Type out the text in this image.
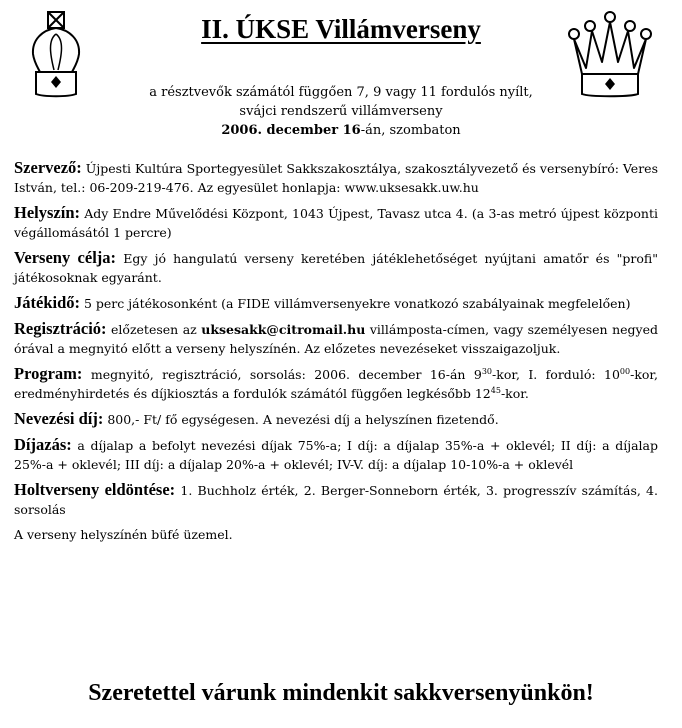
II. ÚKSE Villámverseny
a résztvevők számától függően 7, 9 vagy 11 fordulós nyílt,
svájci rendszerű villámverseny
2006. december 16-án, szombaton
Szervező: Újpesti Kultúra Sportegyesület Sakkszakosztálya, szakosztályvezető és versenybíró: Veres István, tel.: 06-209-219-476. Az egyesület honlapja: www.uksesakk.uw.hu
Helyszín: Ady Endre Művelődési Központ, 1043 Újpest, Tavasz utca 4. (a 3-as metró újpest központi végállomásától 1 percre)
Verseny célja: Egy jó hangulatú verseny keretében játéklehetőséget nyújtani amatőr és "profi" játékosoknak egyaránt.
Játékidő: 5 perc játékosonként (a FIDE villámversenyekre vonatkozó szabályainak megfelelően)
Regisztráció: előzetesen az uksesakk@citromail.hu villámposta-címen, vagy személyesen negyed órával a megnyitó előtt a verseny helyszínén. Az előzetes nevezéseket visszaigazoljuk.
Program: megnyitó, regisztráció, sorsolás: 2006. december 16-án $9^{30}$-kor, I. forduló: $10^{00}$-kor, eredményhirdetés és díjkiosztás a fordulók számától függően legkésőbb $12^{45}$-kor.
Nevezési díj: 800,- Ft/ fő egységesen. A nevezési díj a helyszínen fizetendő.
Díjazás: a díjalap a befolyt nevezési díjak 75%-a; I díj: a díjalap 35%-a + oklevél; II díj: a díjalap 25%-a + oklevél; III díj: a díjalap 20%-a + oklevél; IV-V. díj: a díjalap 10-10%-a + oklevél
Holtverseny eldöntése: 1. Buchholz érték, 2. Berger-Sonneborn érték, 3. progresszív számítás, 4. sorsolás
A verseny helyszínén büfé üzemel.
Szeretettel várunk mindenkit sakkversenyünkön!
